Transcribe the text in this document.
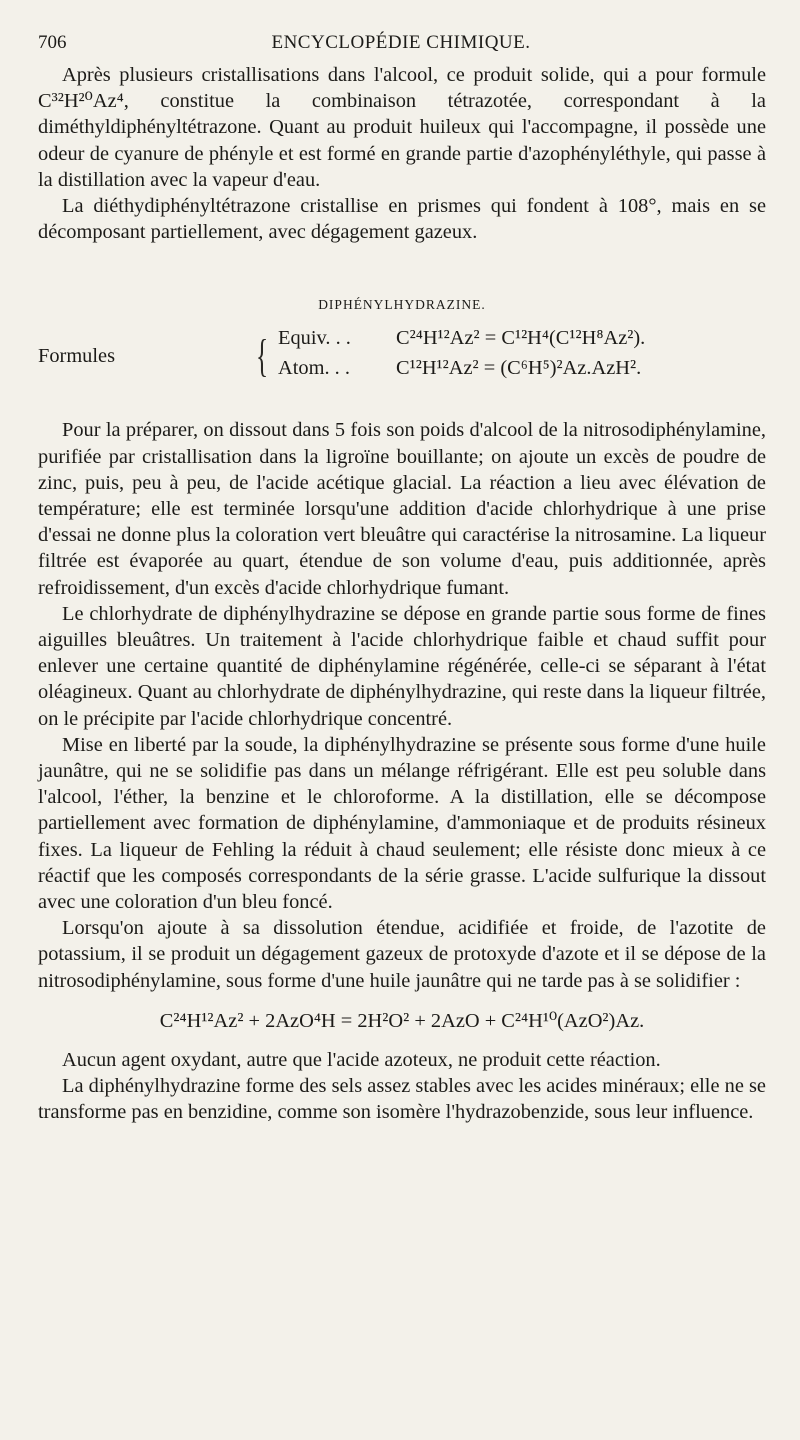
706	ENCYCLOPÉDIE CHIMIQUE.

Après plusieurs cristallisations dans l'alcool, ce produit solide, qui a pour formule C³²H²⁰Az⁴, constitue la combinaison tétrazotée, correspondant à la diméthyldiphényltétrazone. Quant au produit huileux qui l'accompagne, il possède une odeur de cyanure de phényle et est formé en grande partie d'azophényléthyle, qui passe à la distillation avec la vapeur d'eau.

La diéthydiphényltétrazone cristallise en prismes qui fondent à 108°, mais en se décomposant partiellement, avec dégagement gazeux.

DIPHÉNYLHYDRAZINE.
Formules	{ Equiv. . . C²⁴H¹²Az² = C¹²H⁴(C¹²H⁸Az²).
Atom. . . C¹²H¹²Az² = (C⁶H⁵)²Az.AzH².

Pour la préparer, on dissout dans 5 fois son poids d'alcool de la nitrosodiphénylamine, purifiée par cristallisation dans la ligroïne bouillante; on ajoute un excès de poudre de zinc, puis, peu à peu, de l'acide acétique glacial. La réaction a lieu avec élévation de température; elle est terminée lorsqu'une addition d'acide chlorhydrique à une prise d'essai ne donne plus la coloration vert bleuâtre qui caractérise la nitrosamine. La liqueur filtrée est évaporée au quart, étendue de son volume d'eau, puis additionnée, après refroidissement, d'un excès d'acide chlorhydrique fumant.

Le chlorhydrate de diphénylhydrazine se dépose en grande partie sous forme de fines aiguilles bleuâtres. Un traitement à l'acide chlorhydrique faible et chaud suffit pour enlever une certaine quantité de diphénylamine régénérée, celle-ci se séparant à l'état oléagineux. Quant au chlorhydrate de diphénylhydrazine, qui reste dans la liqueur filtrée, on le précipite par l'acide chlorhydrique concentré.

Mise en liberté par la soude, la diphénylhydrazine se présente sous forme d'une huile jaunâtre, qui ne se solidifie pas dans un mélange réfrigérant. Elle est peu soluble dans l'alcool, l'éther, la benzine et le chloroforme. A la distillation, elle se décompose partiellement avec formation de diphénylamine, d'ammoniaque et de produits résineux fixes. La liqueur de Fehling la réduit à chaud seulement; elle résiste donc mieux à ce réactif que les composés correspondants de la série grasse. L'acide sulfurique la dissout avec une coloration d'un bleu foncé.

Lorsqu'on ajoute à sa dissolution étendue, acidifiée et froide, de l'azotite de potassium, il se produit un dégagement gazeux de protoxyde d'azote et il se dépose de la nitrosodiphénylamine, sous forme d'une huile jaunâtre qui ne tarde pas à se solidifier :

C²⁴H¹²Az² + 2AzO⁴H = 2H²O² + 2AzO + C²⁴H¹⁰(AzO²)Az.

Aucun agent oxydant, autre que l'acide azoteux, ne produit cette réaction.

La diphénylhydrazine forme des sels assez stables avec les acides minéraux; elle ne se transforme pas en benzidine, comme son isomère l'hydrazobenzide, sous leur influence.
